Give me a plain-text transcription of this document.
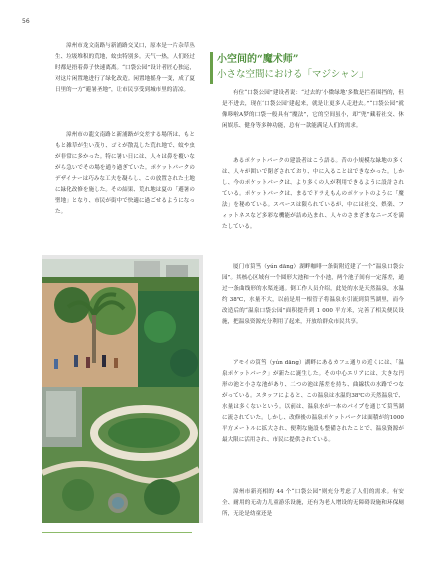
56

漳州市龙文南路与新浦路交叉口，原本是一片杂草丛生、垃圾堆积的荒地，蚊虫特别多。天气一热，人们经过时都是捂着鼻子快速离离。“口袋公园”设计者匠心独运，对这片闲置地进行了绿化改造。闲置地摇身一变，成了夏日里的一方“避暑圣地”，让市民享受到城市里的清凉。

漳州市の龍文南路と新浦路が交差する場所は、もともと雑草が生い茂り、ゴミが散乱した荒れ地で、蚊や虫が非常に多かった。特に暑い日には、人々は鼻を覆いながら急いでその場を通り過ぎていた。ポケットパークのデザイナーは巧みな工夫を凝らし、この放置された土地に緑化改修を施した。その結果、荒れ地は夏の「避暑の聖地」となり、市民が街中で快適に過ごせるようになった。

小空间的“魔术师”
小さな空間における「マジシャン」

有位“口袋公园”建设者说：“过去的‘小微绿地’多数是拦着围挡的，但是不进去，现在‘口袋公园’建起来，就是让更多人走进去。”“口袋公园”就像哆啦A梦的口袋一般具有“魔法”，它的空间虽小，却“兜”藏着社交、休闲娱乐、健身等多种功能，总有一款能满足人们的需求。

あるポケットパークの建設者はこう語る。昔の小規模な緑地の多くは、人々が囲いで閉ざされており、中に入ることはできなかった。しかし、今のポケットパークは、より多くの人が利用できるように設計されている。ポケットパークは、まるでドラえもんのポケットのように「魔法」を秘めている。スペースは限られているが、中には社交、娯楽、フィットネスなど多彩な機能が詰め込まれ、人々のさまざまなニーズを満たしている。

厦门市筼筜（yún dāng）湖畔咖啡一条街附近建了一个“温泉口袋公园”。其核心区域有一个圆形大池和一个小池，两个池子间有一定落差，通过一条曲线形的水渠连通。倒工作人员介绍，此处的水是天然温泉，水温约 38℃，水量不大，以前是用一根管子将温泉水引流到筼筜湖里，而今改造后的“温泉口袋公园”面积提升到 1 000 平方米，完善了相关便民设施，把温泉资源充分利用了起来，开放给群众市民共享。

アモイの筼筜（yún dāng）湖畔にあるカフェ通りの近くには、「温泉ポケットパーク」が新たに誕生した。その中心エリアには、大きな円形の池と小さな池があり、二つの池は落差を持ち、曲線状の水路でつながっている。スタッフによると、この温泉は水温約38℃の天然温泉で、水量は多くないという。以前は、温泉水が一本のパイプを通じて筼筜湖に流されていた。しかし、改修後の温泉ポケットパークは面積が約1000平方メートルに拡大され、便利な施設も整備されたことで、温泉資源が最大限に活用され、市民に提供されている。

漳州市新亮相的 44 个“口袋公园”则充分考虑了人们的需求。有安全、耐用的无动力儿童游乐设施，还有为老人增设的无障碍设施和环保厕所，无论是幼童还是
